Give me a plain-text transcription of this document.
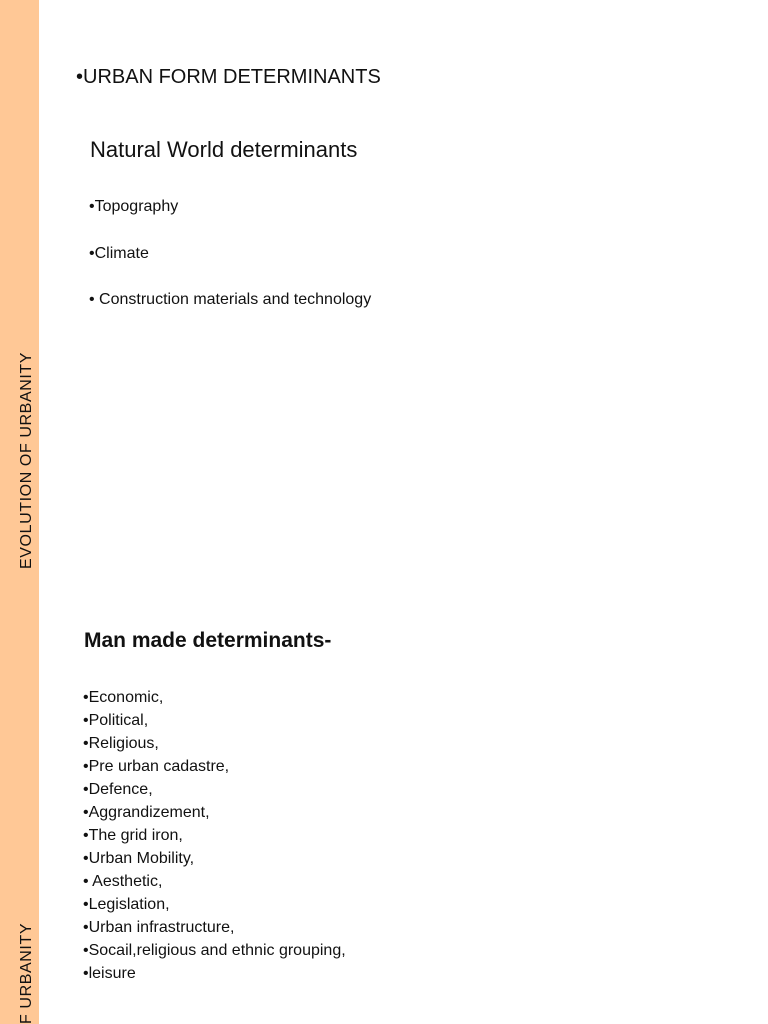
EVOLUTION OF URBANITY
F URBANITY
•URBAN FORM DETERMINANTS
Natural World determinants
•Topography
•Climate
• Construction materials and technology
Man made determinants-
•Economic,
•Political,
•Religious,
•Pre urban cadastre,
•Defence,
•Aggrandizement,
•The grid iron,
•Urban Mobility,
• Aesthetic,
•Legislation,
•Urban infrastructure,
•Socail,religious and ethnic grouping,
•leisure
